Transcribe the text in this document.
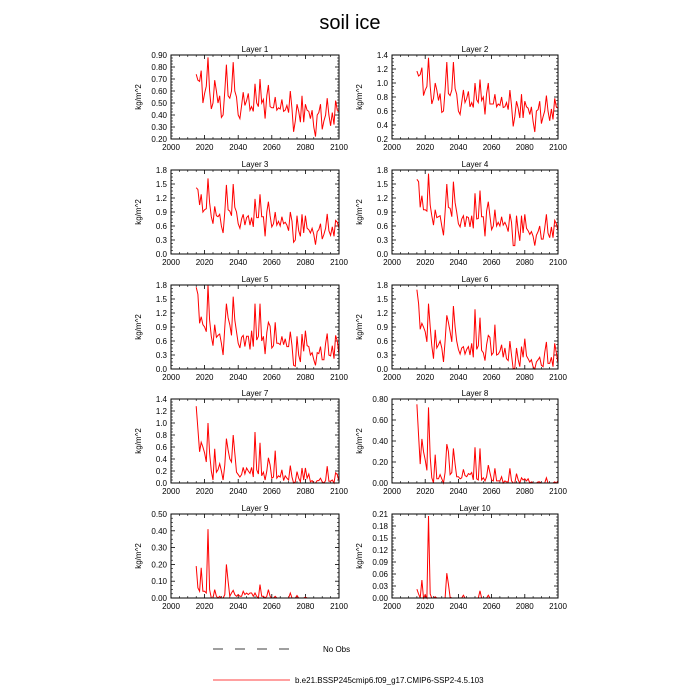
soil ice
Layer 1
kg/m^2
2000 2020 2040 2060 2080 2100
0.20
0.30
0.40
0.50
0.60
0.70
0.80
0.90
Layer 2
kg/m^2
2000 2020 2040 2060 2080 2100
0.2
0.4
0.6
0.8
1.0
1.2
1.4
Layer 3
kg/m^2
2000 2020 2040 2060 2080 2100
0.0
0.3
0.6
0.9
1.2
1.5
1.8
Layer 4
kg/m^2
2000 2020 2040 2060 2080 2100
0.0
0.3
0.6
0.9
1.2
1.5
1.8
Layer 5
kg/m^2
2000 2020 2040 2060 2080 2100
0.0
0.3
0.6
0.9
1.2
1.5
1.8
Layer 6
kg/m^2
2000 2020 2040 2060 2080 2100
0.0
0.3
0.6
0.9
1.2
1.5
1.8
Layer 7
kg/m^2
2000 2020 2040 2060 2080 2100
0.0
0.2
0.4
0.6
0.8
1.0
1.2
1.4
Layer 8
kg/m^2
2000 2020 2040 2060 2080 2100
0.00
0.20
0.40
0.60
0.80
Layer 9
kg/m^2
2000 2020 2040 2060 2080 2100
0.00
0.10
0.20
0.30
0.40
0.50
Layer 10
kg/m^2
2000 2020 2040 2060 2080 2100
0.00
0.03
0.06
0.09
0.12
0.15
0.18
0.21
No Obs
b.e21.BSSP245cmip6.f09_g17.CMIP6-SSP2-4.5.103
